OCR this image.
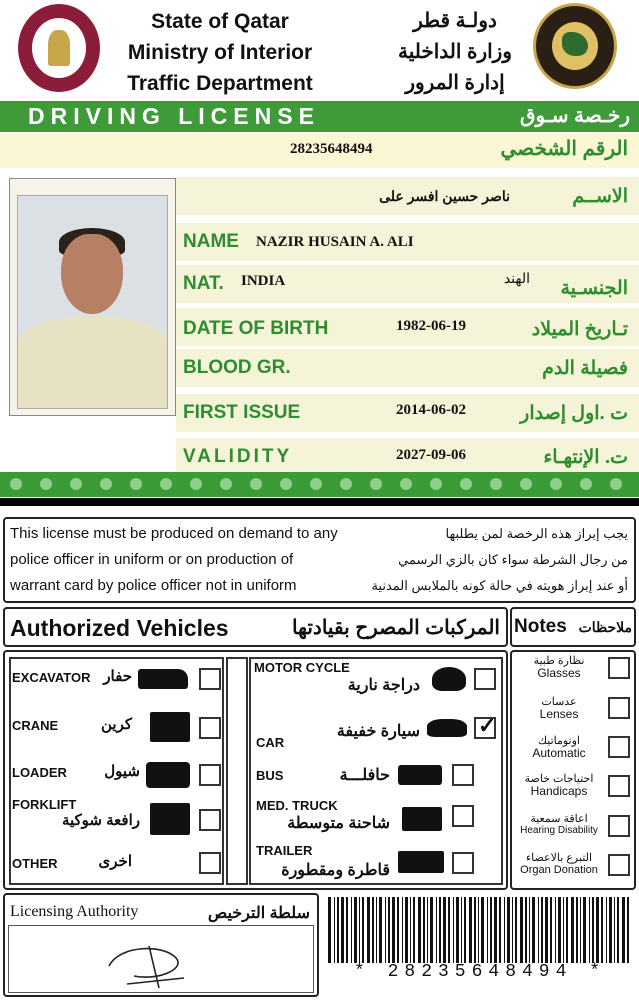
State of Qatar
Ministry of Interior
Traffic Department
دولـة قطر
وزارة الداخلية
إدارة المرور
DRIVING LICENSE	رخـصة سـوق
28235648494	الرقم الشخصي
ناصر حسين افسر على	الاســم
NAME NAZIR HUSAIN A. ALI
NAT. INDIA	الهند	الجنسـية
DATE OF BIRTH	1982-06-19	تـاريخ الميلاد
BLOOD GR.	فصيلة الدم
FIRST ISSUE	2014-06-02	ت .اول إصدار
VALIDITY	2027-09-06	ت. الإنتهـاء
This license must be produced on demand to any
police officer in uniform or on production of
warrant card by police officer not in uniform
يجب إبراز هذه الرخصة لمن يطلبها
من رجال الشرطة سواء كان بالزي الرسمي
أو عند إبراز هويته في حالة كونه بالملابس المدنية
Authorized Vehicles	المركبات المصرح بقيادتها Notes ملاحظات
EXCAVATOR حفار
CRANE	كرين
LOADER	شيول
FORKLIFT
رافعة شوكية
OTHER	اخرى
MOTOR CYCLE
دراجة نارية
CAR
سيارة خفيفة	✓
BUS	حافلـــة
MED. TRUCK
شاحنة متوسطة
TRAILER
قاطرة ومقطورة
نظارة طبية
Glasses
عدسات
Lenses
اوتوماتيك
Automatic
احتياجات خاصة
Handicaps
اعاقة سمعية
Hearing Disability
التبرع بالاعضاء
Organ Donation
Licensing Authority	سلطة الترخيص
* 28235648494 *
